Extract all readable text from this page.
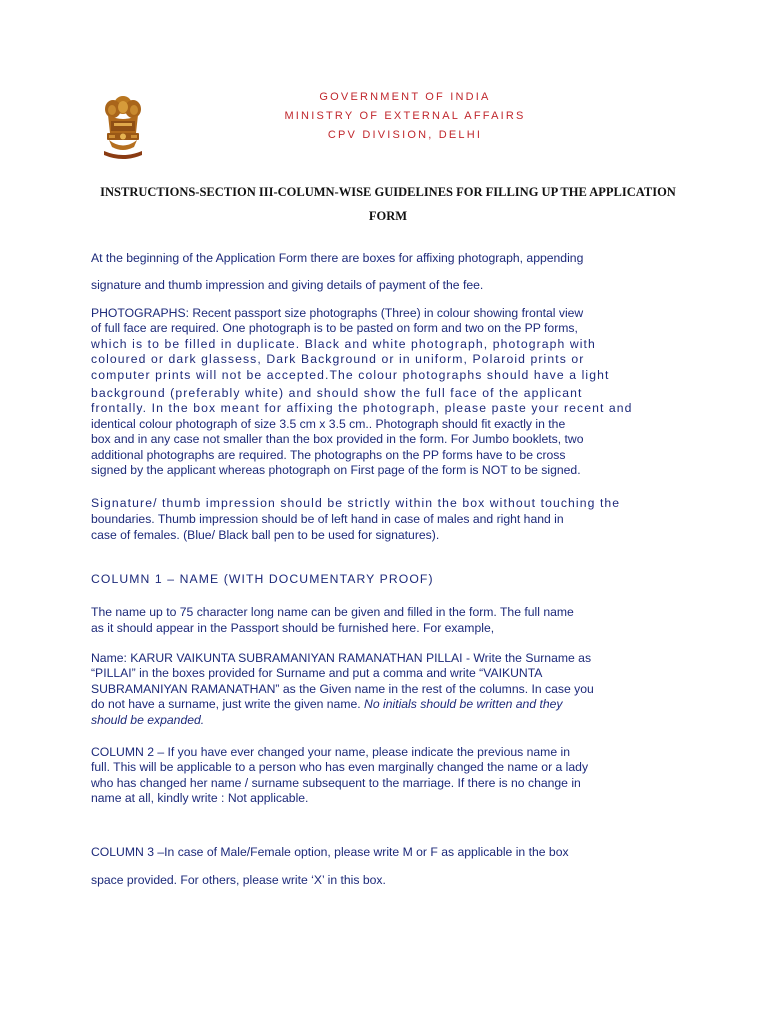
GOVERNMENT OF INDIA
MINISTRY OF EXTERNAL AFFAIRS
CPV DIVISION, DELHI
INSTRUCTIONS-SECTION III-COLUMN-WISE GUIDELINES FOR FILLING UP THE APPLICATION
FORM
At the beginning of the Application Form there are boxes for affixing photograph, appending
signature and thumb impression and giving details of payment of the fee.
PHOTOGRAPHS: Recent passport size photographs (Three) in colour showing frontal view
of full face are required. One photograph is to be pasted on form and two on the PP forms,
which is to be filled in duplicate. Black and white photograph, photograph with
coloured or dark glassess, Dark Background or in uniform, Polaroid prints or
computer prints will not be accepted.The colour photographs should have a light
background (preferably white) and should show the full face of the applicant
frontally. In the box meant for affixing the photograph, please paste your recent and
identical colour photograph of size 3.5 cm x 3.5 cm.. Photograph should fit exactly in the
box and in any case not smaller than the box provided in the form. For Jumbo booklets, two
additional photographs are required. The photographs on the PP forms have to be cross
signed by the applicant whereas photograph on First page of the form is NOT to be signed.
Signature/ thumb impression should be strictly within the box without touching the
boundaries. Thumb impression should be of left hand in case of males and right hand in
case of females. (Blue/ Black ball pen to be used for signatures).
COLUMN 1 – NAME (WITH DOCUMENTARY PROOF)
The name up to 75 character long name can be given and filled in the form. The full name
as it should appear in the Passport should be furnished here. For example,
Name: KARUR VAIKUNTA SUBRAMANIYAN RAMANATHAN PILLAI - Write the Surname as
“PILLAI” in the boxes provided for Surname and put a comma and write “VAIKUNTA
SUBRAMANIYAN RAMANATHAN” as the Given name in the rest of the columns. In case you
do not have a surname, just write the given name. No initials should be written and they
should be expanded.
COLUMN 2 – If you have ever changed your name, please indicate the previous name in
full. This will be applicable to a person who has even marginally changed the name or a lady
who has changed her name / surname subsequent to the marriage. If there is no change in
name at all, kindly write : Not applicable.
COLUMN 3 –In case of Male/Female option, please write M or F as applicable in the box
space provided. For others, please write ‘X’ in this box.
